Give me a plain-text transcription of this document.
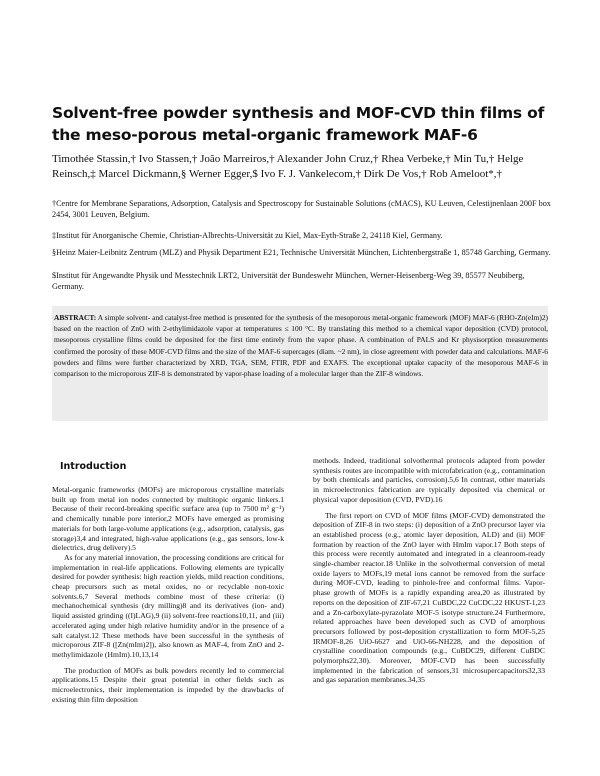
Solvent-free powder synthesis and MOF-CVD thin films of the meso-porous metal-organic framework MAF-6
Timothée Stassin,† Ivo Stassen,† João Marreiros,† Alexander John Cruz,† Rhea Verbeke,† Min Tu,† Helge Reinsch,‡ Marcel Dickmann,§ Werner Egger,$ Ivo F. J. Vankelecom,† Dirk De Vos,† Rob Ameloot*,†
†Centre for Membrane Separations, Adsorption, Catalysis and Spectroscopy for Sustainable Solutions (cMACS), KU Leuven, Celestijnenlaan 200F box 2454, 3001 Leuven, Belgium.
‡Institut für Anorganische Chemie, Christian-Albrechts-Universität zu Kiel, Max-Eyth-Straße 2, 24118 Kiel, Germany.
§Heinz Maier-Leibnitz Zentrum (MLZ) and Physik Department E21, Technische Universität München, Lichtenbergstraße 1, 85748 Garching, Germany.
$Institut für Angewandte Physik und Messtechnik LRT2, Universität der Bundeswehr München, Werner-Heisenberg-Weg 39, 85577 Neubiberg, Germany.
ABSTRACT: A simple solvent- and catalyst-free method is presented for the synthesis of the mesoporous metal-organic framework (MOF) MAF-6 (RHO-Zn(eIm)2) based on the reaction of ZnO with 2-ethylimidazole vapor at temperatures ≤ 100 °C. By translating this method to a chemical vapor deposition (CVD) protocol, mesoporous crystalline films could be deposited for the first time entirely from the vapor phase. A combination of PALS and Kr physisorption measurements confirmed the porosity of these MOF-CVD films and the size of the MAF-6 supercages (diam. ~2 nm), in close agreement with powder data and calculations. MAF-6 powders and films were further characterized by XRD, TGA, SEM, FTIR, PDF and EXAFS. The exceptional uptake capacity of the mesoporous MAF-6 in comparison to the microporous ZIF-8 is demonstrated by vapor-phase loading of a molecular larger than the ZIF-8 windows.
Introduction

Metal-organic frameworks (MOFs) are microporous crystalline materials built up from metal ion nodes connected by multitopic organic linkers.1 Because of their record-breaking specific surface area (up to 7500 m² g⁻¹) and chemically tunable pore interior,2 MOFs have emerged as promising materials for both large-volume applications (e.g., adsorption, catalysis, gas storage)3,4 and integrated, high-value applications (e.g., gas sensors, low-k dielectrics, drug delivery).5

As for any material innovation, the processing conditions are critical for implementation in real-life applications. Following elements are typically desired for powder synthesis: high reaction yields, mild reaction conditions, cheap precursors such as metal oxides, no or recyclable non-toxic solvents.6,7 Several methods combine most of these criteria: (i) mechanochemical synthesis (dry milling)8 and its derivatives (ion- and) liquid assisted grinding ((I)LAG),9 (ii) solvent-free reactions10,11, and (iii) accelerated aging under high relative humidity and/or in the presence of a salt catalyst.12 These methods have been successful in the synthesis of microporous ZIF-8 ([Zn(mIm)2]), also known as MAF-4, from ZnO and 2-methylimidazole (HmIm).10,13,14

The production of MOFs as bulk powders recently led to commercial applications.15 Despite their great potential in other fields such as microelectronics, their implementation is impeded by the drawbacks of existing thin film deposition

methods. Indeed, traditional solvothermal protocols adapted from powder synthesis routes are incompatible with microfabrication (e.g., contamination by both chemicals and particles, corrosion).5,6 In contrast, other materials in microelectronics fabrication are typically deposited via chemical or physical vapor deposition (CVD, PVD).16

The first report on CVD of MOF films (MOF-CVD) demonstrated the deposition of ZIF-8 in two steps: (i) deposition of a ZnO precursor layer via an established process (e.g., atomic layer deposition, ALD) and (ii) MOF formation by reaction of the ZnO layer with HmIm vapor.17 Both steps of this process were recently automated and integrated in a cleanroom-ready single-chamber reactor.18 Unlike in the solvothermal conversion of metal oxide layers to MOFs,19 metal ions cannot be removed from the surface during MOF-CVD, leading to pinhole-free and conformal films. Vapor-phase growth of MOFs is a rapidly expanding area,20 as illustrated by reports on the deposition of ZIF-67,21 CuBDC,22 CuCDC,22 HKUST-1,23 and a Zn-carboxylate-pyrazolate MOF-5 isotype structure.24 Furthermore, related approaches have been developed such as CVD of amorphous precursors followed by post-deposition crystallization to form MOF-5,25 IRMOF-8,26 UiO-6627 and UiO-66-NH228, and the deposition of crystalline coordination compounds (e.g., CuBDC29, different CuBDC polymorphs22,30). Moreover, MOF-CVD has been successfully implemented in the fabrication of sensors,31 microsupercapacitors32,33 and gas separation membranes.34,35
